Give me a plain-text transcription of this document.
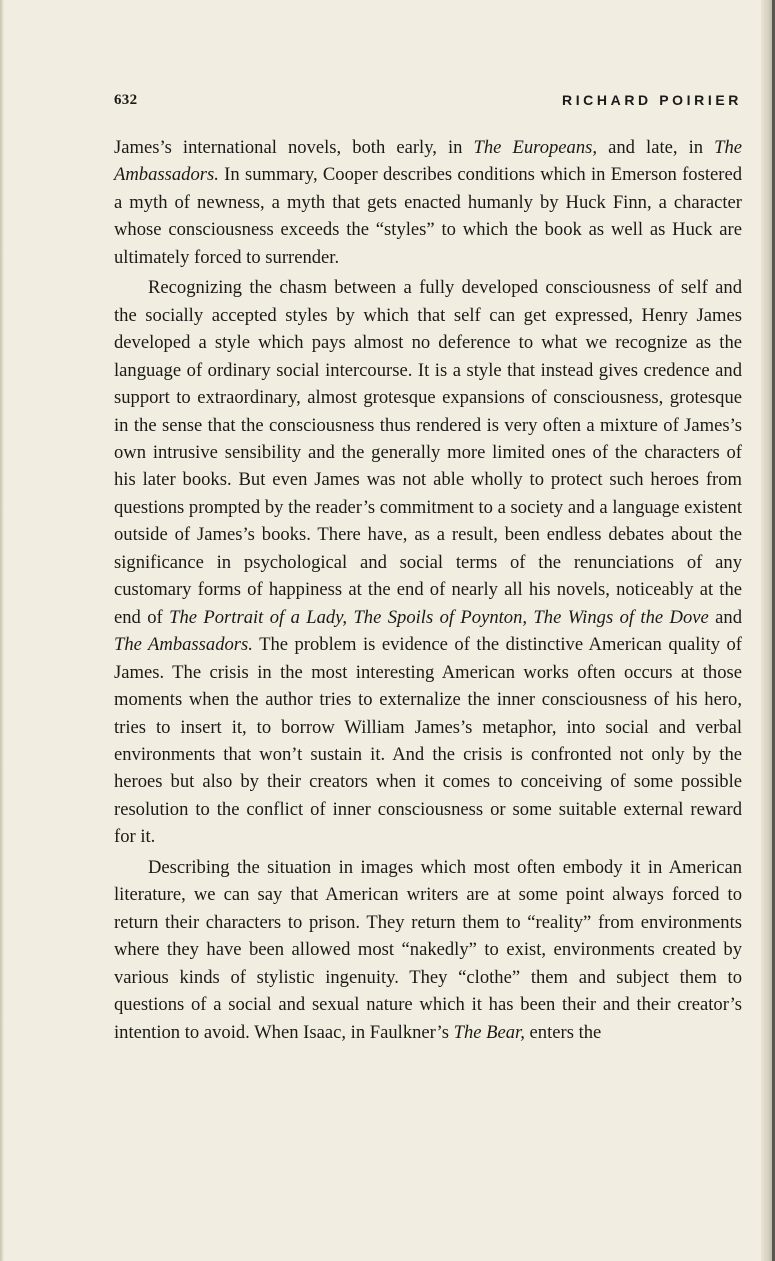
632	RICHARD POIRIER

James’s international novels, both early, in The Europeans, and late, in The Ambassadors. In summary, Cooper describes conditions which in Emerson fostered a myth of newness, a myth that gets enacted humanly by Huck Finn, a character whose consciousness exceeds the “styles” to which the book as well as Huck are ultimately forced to surrender.

Recognizing the chasm between a fully developed consciousness of self and the socially accepted styles by which that self can get expressed, Henry James developed a style which pays almost no deference to what we recognize as the language of ordinary social intercourse. It is a style that instead gives credence and support to extraordinary, almost grotesque expansions of consciousness, grotesque in the sense that the consciousness thus rendered is very often a mixture of James’s own intrusive sensibility and the generally more limited ones of the characters of his later books. But even James was not able wholly to protect such heroes from questions prompted by the reader’s commitment to a society and a language existent outside of James’s books. There have, as a result, been endless debates about the significance in psychological and social terms of the renunciations of any customary forms of happiness at the end of nearly all his novels, noticeably at the end of The Portrait of a Lady, The Spoils of Poynton, The Wings of the Dove and The Ambassadors. The problem is evidence of the distinctive American quality of James. The crisis in the most interesting American works often occurs at those moments when the author tries to externalize the inner consciousness of his hero, tries to insert it, to borrow William James’s metaphor, into social and verbal environments that won’t sustain it. And the crisis is confronted not only by the heroes but also by their creators when it comes to conceiving of some possible resolution to the conflict of inner consciousness or some suitable external reward for it.

Describing the situation in images which most often embody it in American literature, we can say that American writers are at some point always forced to return their characters to prison. They return them to “reality” from environments where they have been allowed most “nakedly” to exist, environments created by various kinds of stylistic ingenuity. They “clothe” them and subject them to questions of a social and sexual nature which it has been their and their creator’s intention to avoid. When Isaac, in Faulkner’s The Bear, enters the
